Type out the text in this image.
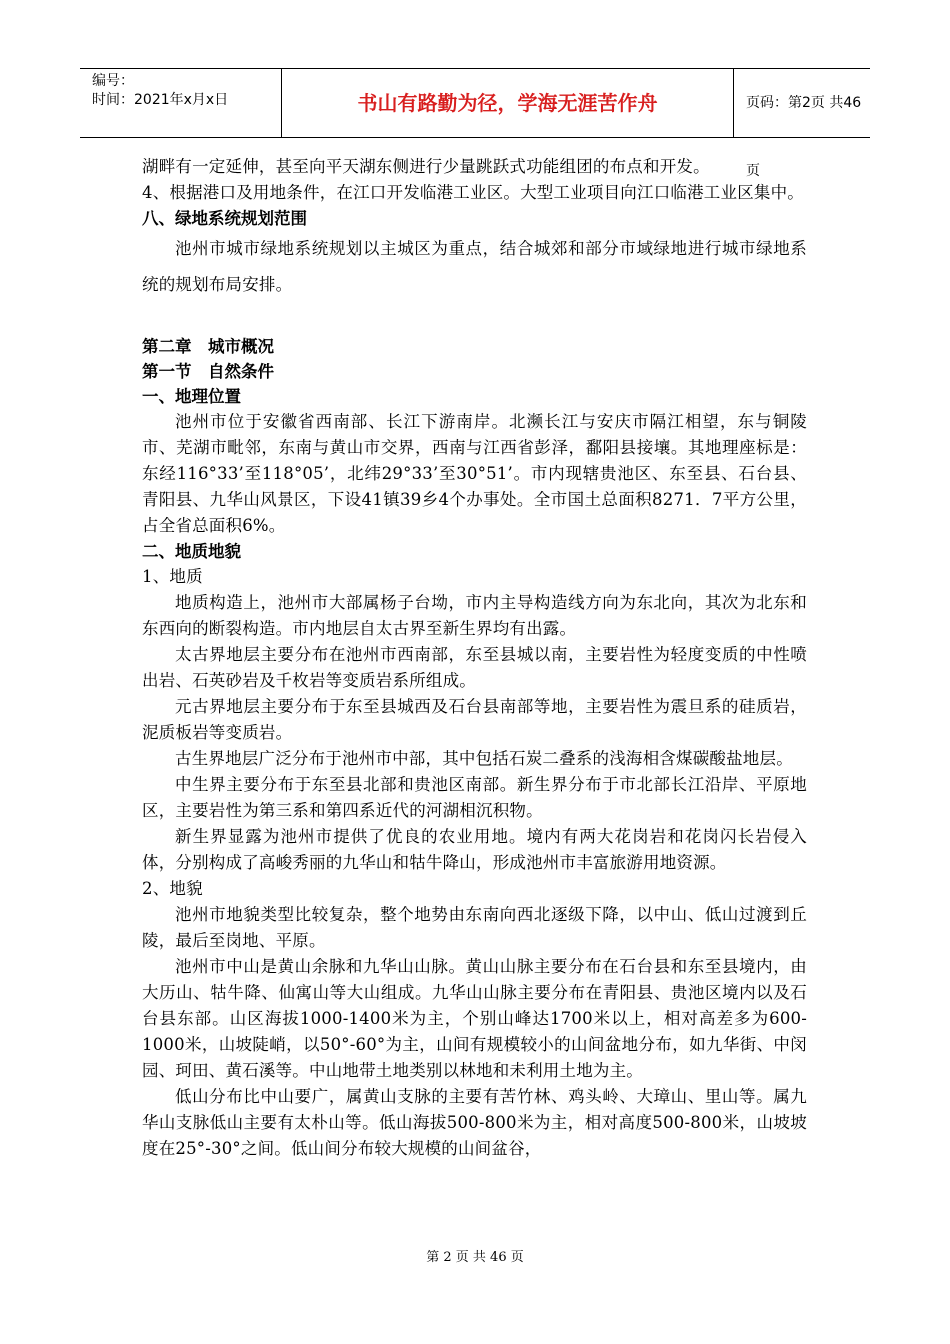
编号：
时间：2021年x月x日	书山有路勤为径，学海无涯苦作舟	页码：第2页 共46页

湖畔有一定延伸，甚至向平天湖东侧进行少量跳跃式功能组团的布点和开发。

4、根据港口及用地条件，在江口开发临港工业区。大型工业项目向江口临港工业区集中。

八、绿地系统规划范围

池州市城市绿地系统规划以主城区为重点，结合城郊和部分市域绿地进行城市绿地系统的规划布局安排。

第二章　城市概况

第一节　自然条件

一、地理位置

池州市位于安徽省西南部、长江下游南岸。北濒长江与安庆市隔江相望，东与铜陵市、芜湖市毗邻，东南与黄山市交界，西南与江西省彭泽，鄱阳县接壤。其地理座标是：东经116°33’至118°05’，北纬29°33’至30°51’。市内现辖贵池区、东至县、石台县、青阳县、九华山风景区，下设41镇39乡4个办事处。全市国土总面积8271．7平方公里，占全省总面积6%。

二、地质地貌

1、地质

地质构造上，池州市大部属杨子台坳，市内主导构造线方向为东北向，其次为北东和东西向的断裂构造。市内地层自太古界至新生界均有出露。

太古界地层主要分布在池州市西南部，东至县城以南，主要岩性为轻度变质的中性喷出岩、石英砂岩及千枚岩等变质岩系所组成。

元古界地层主要分布于东至县城西及石台县南部等地，主要岩性为震旦系的硅质岩，泥质板岩等变质岩。

古生界地层广泛分布于池州市中部，其中包括石炭二叠系的浅海相含煤碳酸盐地层。

中生界主要分布于东至县北部和贵池区南部。新生界分布于市北部长江沿岸、平原地区，主要岩性为第三系和第四系近代的河湖相沉积物。

新生界显露为池州市提供了优良的农业用地。境内有两大花岗岩和花岗闪长岩侵入体，分别构成了高峻秀丽的九华山和牯牛降山，形成池州市丰富旅游用地资源。

2、地貌

池州市地貌类型比较复杂，整个地势由东南向西北逐级下降，以中山、低山过渡到丘陵，最后至岗地、平原。

池州市中山是黄山余脉和九华山山脉。黄山山脉主要分布在石台县和东至县境内，由大历山、牯牛降、仙寓山等大山组成。九华山山脉主要分布在青阳县、贵池区境内以及石台县东部。山区海拔1000-1400米为主，个别山峰达1700米以上，相对高差多为600-1000米，山坡陡峭，以50°-60°为主，山间有规模较小的山间盆地分布，如九华街、中闵园、珂田、黄石溪等。中山地带土地类别以林地和未利用土地为主。

低山分布比中山要广，属黄山支脉的主要有苦竹林、鸡头岭、大璋山、里山等。属九华山支脉低山主要有太朴山等。低山海拔500-800米为主，相对高度500-800米，山坡坡度在25°-30°之间。低山间分布较大规模的山间盆谷，

第 2 页 共 46 页
